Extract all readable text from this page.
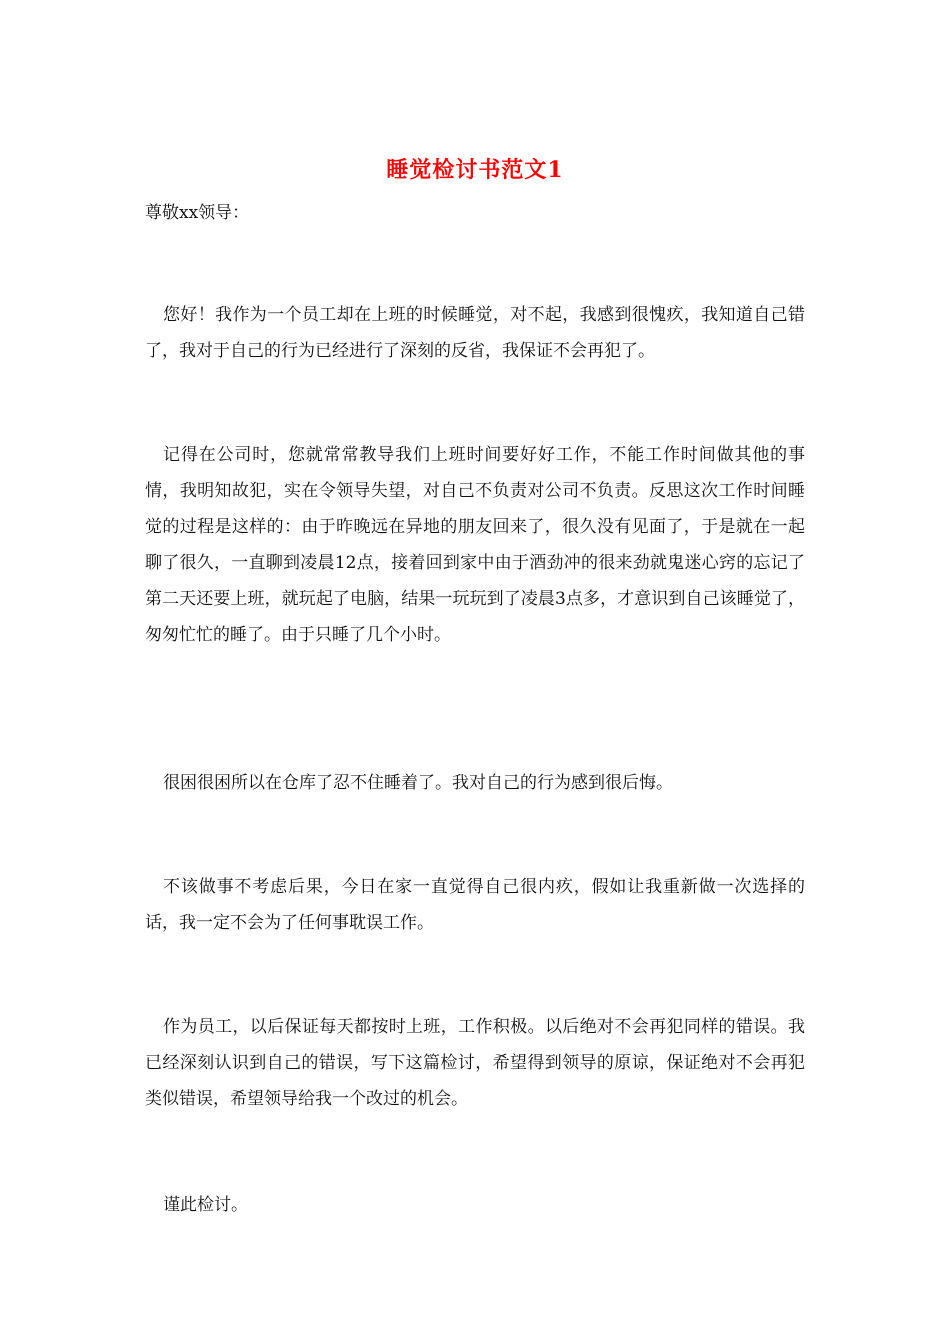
睡觉检讨书范文1
尊敬xx领导：

您好！我作为一个员工却在上班的时候睡觉，对不起，我感到很愧疚，我知道自己错了，我对于自己的行为已经进行了深刻的反省，我保证不会再犯了。

记得在公司时，您就常常教导我们上班时间要好好工作，不能工作时间做其他的事情，我明知故犯，实在令领导失望，对自己不负责对公司不负责。反思这次工作时间睡觉的过程是这样的：由于昨晚远在异地的朋友回来了，很久没有见面了，于是就在一起聊了很久，一直聊到凌晨12点，接着回到家中由于酒劲冲的很来劲就鬼迷心窍的忘记了第二天还要上班，就玩起了电脑，结果一玩玩到了凌晨3点多，才意识到自己该睡觉了，匆匆忙忙的睡了。由于只睡了几个小时。

很困很困所以在仓库了忍不住睡着了。我对自己的行为感到很后悔。

不该做事不考虑后果，今日在家一直觉得自己很内疚，假如让我重新做一次选择的话，我一定不会为了任何事耽误工作。

作为员工，以后保证每天都按时上班，工作积极。以后绝对不会再犯同样的错误。我已经深刻认识到自己的错误，写下这篇检讨，希望得到领导的原谅，保证绝对不会再犯类似错误，希望领导给我一个改过的机会。

谨此检讨。
